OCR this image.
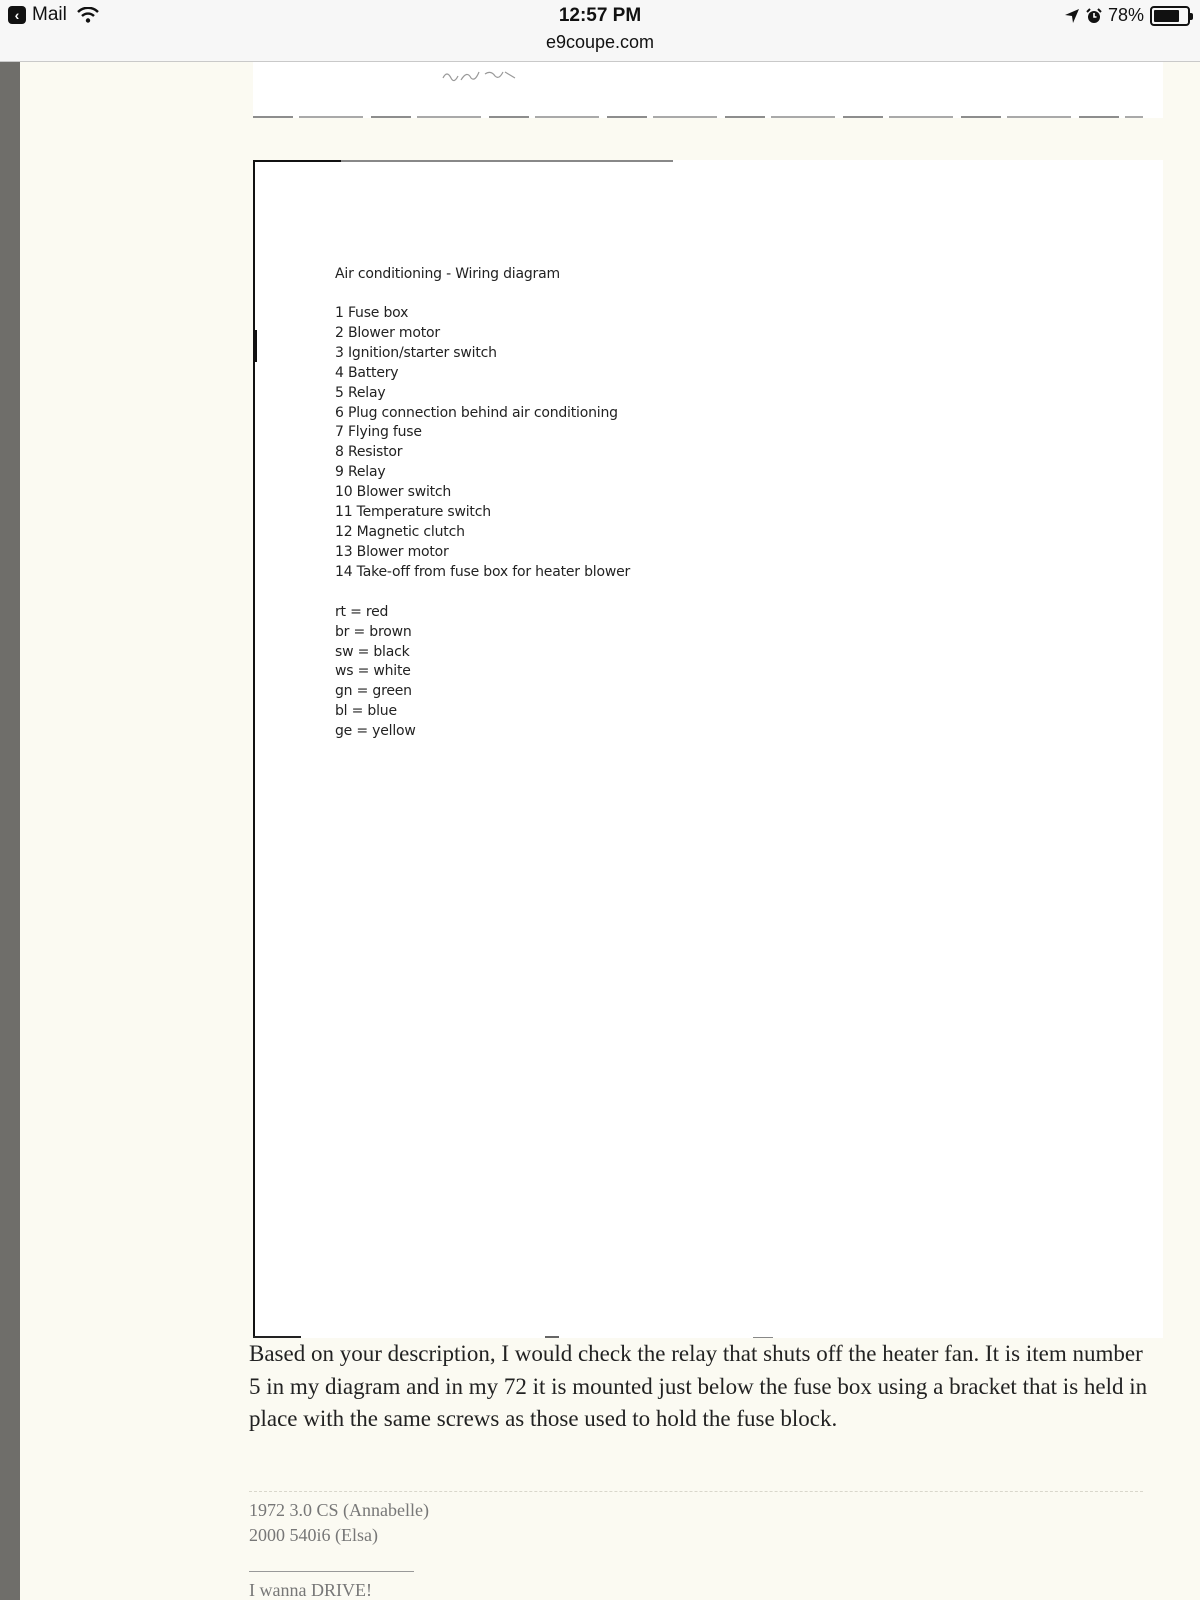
‹ Mail	12:57 PM
e9coupe.com
78%
Air conditioning - Wiring diagram
1 Fuse box
2 Blower motor
3 Ignition/starter switch
4 Battery
5 Relay
6 Plug connection behind air conditioning
7 Flying fuse
8 Resistor
9 Relay
10 Blower switch
11 Temperature switch
12 Magnetic clutch
13 Blower motor
14 Take-off from fuse box for heater blower
rt = red
br = brown
sw = black
ws = white
gn = green
bl = blue
ge = yellow

Based on your description, I would check the relay that shuts off the heater fan. It is item number 5 in my diagram and in my 72 it is mounted just below the fuse box using a bracket that is held in place with the same screws as those used to hold the fuse block.

1972 3.0 CS (Annabelle)
2000 540i6 (Elsa)
I wanna DRIVE!
